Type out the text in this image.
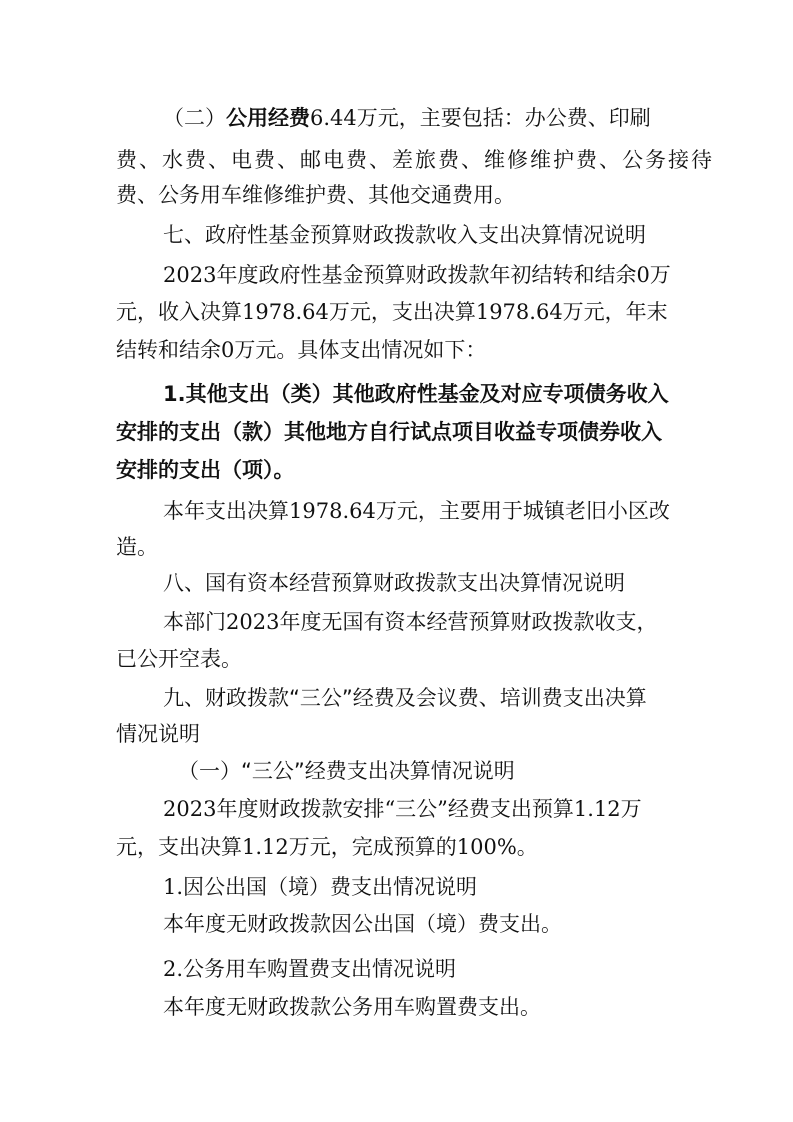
（二）公用经费6.44万元，主要包括：办公费、印刷
费、水费、电费、邮电费、差旅费、维修维护费、公务接待
费、公务用车维修维护费、其他交通费用。
七、政府性基金预算财政拨款收入支出决算情况说明
2023年度政府性基金预算财政拨款年初结转和结余0万
元，收入决算1978.64万元，支出决算1978.64万元，年末
结转和结余0万元。具体支出情况如下：
1.其他支出（类）其他政府性基金及对应专项债务收入
安排的支出（款）其他地方自行试点项目收益专项债券收入
安排的支出（项）。
本年支出决算1978.64万元，主要用于城镇老旧小区改
造。
八、国有资本经营预算财政拨款支出决算情况说明
本部门2023年度无国有资本经营预算财政拨款收支，
已公开空表。
九、财政拨款“三公”经费及会议费、培训费支出决算
情况说明
（一）“三公”经费支出决算情况说明
2023年度财政拨款安排“三公”经费支出预算1.12万
元，支出决算1.12万元，完成预算的100%。
1.因公出国（境）费支出情况说明
本年度无财政拨款因公出国（境）费支出。
2.公务用车购置费支出情况说明
本年度无财政拨款公务用车购置费支出。
